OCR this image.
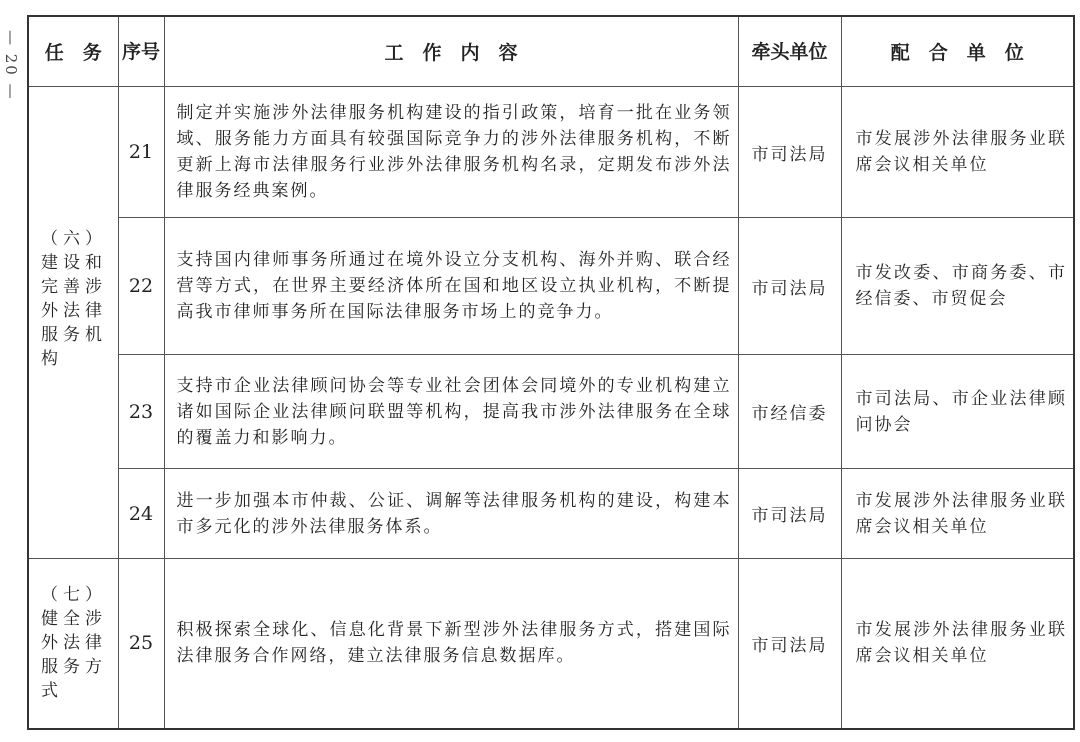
— 20 — 任　务	序号	工　作　内　容	牵头单位	配　合　单　位
（六）建设和完善涉外法律服务机构	21	制定并实施涉外法律服务机构建设的指引政策，培育一批在业务领域、服务能力方面具有较强国际竞争力的涉外法律服务机构，不断更新上海市法律服务行业涉外法律服务机构名录，定期发布涉外法律服务经典案例。	市司法局	市发展涉外法律服务业联席会议相关单位
	22	支持国内律师事务所通过在境外设立分支机构、海外并购、联合经营等方式，在世界主要经济体所在国和地区设立执业机构，不断提高我市律师事务所在国际法律服务市场上的竞争力。	市司法局	市发改委、市商务委、市经信委、市贸促会
	23	支持市企业法律顾问协会等专业社会团体会同境外的专业机构建立诸如国际企业法律顾问联盟等机构，提高我市涉外法律服务在全球的覆盖力和影响力。	市经信委	市司法局、市企业法律顾问协会
	24	进一步加强本市仲裁、公证、调解等法律服务机构的建设，构建本市多元化的涉外法律服务体系。	市司法局	市发展涉外法律服务业联席会议相关单位
（七）健全涉外法律服务方式	25	积极探索全球化、信息化背景下新型涉外法律服务方式，搭建国际法律服务合作网络，建立法律服务信息数据库。	市司法局	市发展涉外法律服务业联席会议相关单位
